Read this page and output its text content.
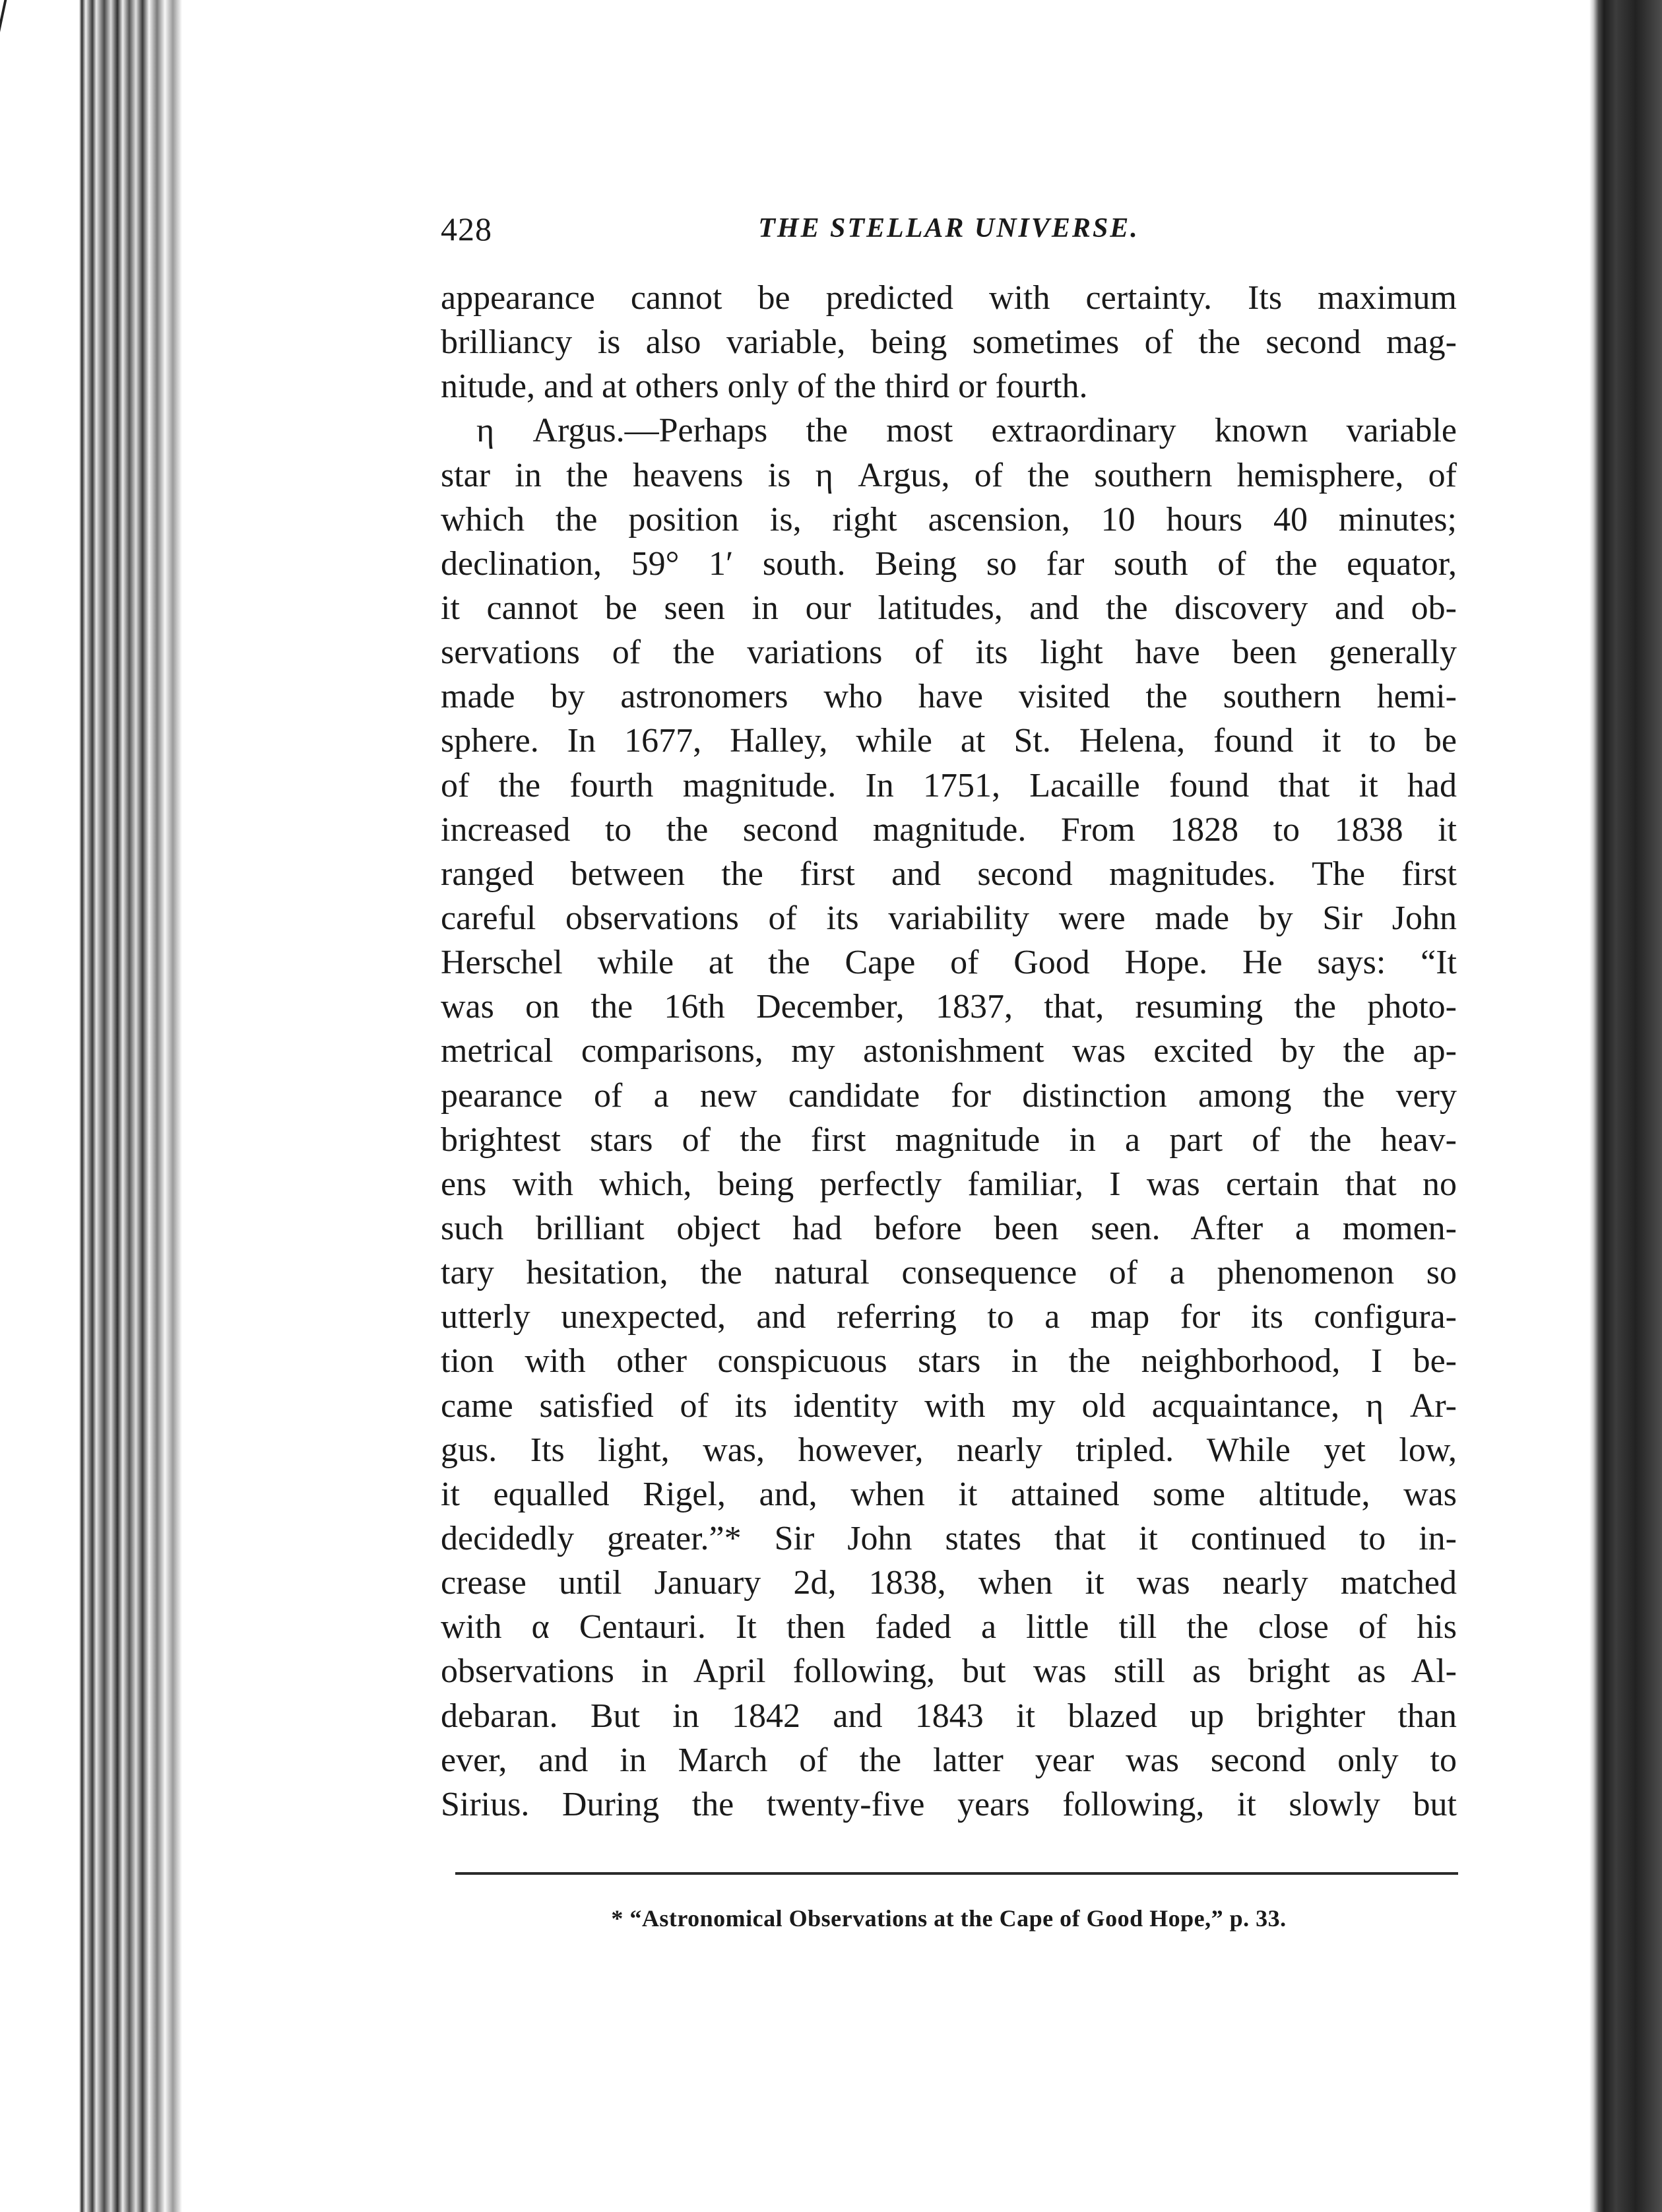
428	THE STELLAR UNIVERSE.
appearance cannot be predicted with certainty. Its maximum
brilliancy is also variable, being sometimes of the second mag-
nitude, and at others only of the third or fourth.
η Argus.—Perhaps the most extraordinary known variable
star in the heavens is η Argus, of the southern hemisphere, of
which the position is, right ascension, 10 hours 40 minutes;
declination, 59° 1′ south. Being so far south of the equator,
it cannot be seen in our latitudes, and the discovery and ob-
servations of the variations of its light have been generally
made by astronomers who have visited the southern hemi-
sphere. In 1677, Halley, while at St. Helena, found it to be
of the fourth magnitude. In 1751, Lacaille found that it had
increased to the second magnitude. From 1828 to 1838 it
ranged between the first and second magnitudes. The first
careful observations of its variability were made by Sir John
Herschel while at the Cape of Good Hope. He says: “It
was on the 16th December, 1837, that, resuming the photo-
metrical comparisons, my astonishment was excited by the ap-
pearance of a new candidate for distinction among the very
brightest stars of the first magnitude in a part of the heav-
ens with which, being perfectly familiar, I was certain that no
such brilliant object had before been seen. After a momen-
tary hesitation, the natural consequence of a phenomenon so
utterly unexpected, and referring to a map for its configura-
tion with other conspicuous stars in the neighborhood, I be-
came satisfied of its identity with my old acquaintance, η Ar-
gus. Its light, was, however, nearly tripled. While yet low,
it equalled Rigel, and, when it attained some altitude, was
decidedly greater.”* Sir John states that it continued to in-
crease until January 2d, 1838, when it was nearly matched
with α Centauri. It then faded a little till the close of his
observations in April following, but was still as bright as Al-
debaran. But in 1842 and 1843 it blazed up brighter than
ever, and in March of the latter year was second only to
Sirius. During the twenty-five years following, it slowly but
* “Astronomical Observations at the Cape of Good Hope,” p. 33.
